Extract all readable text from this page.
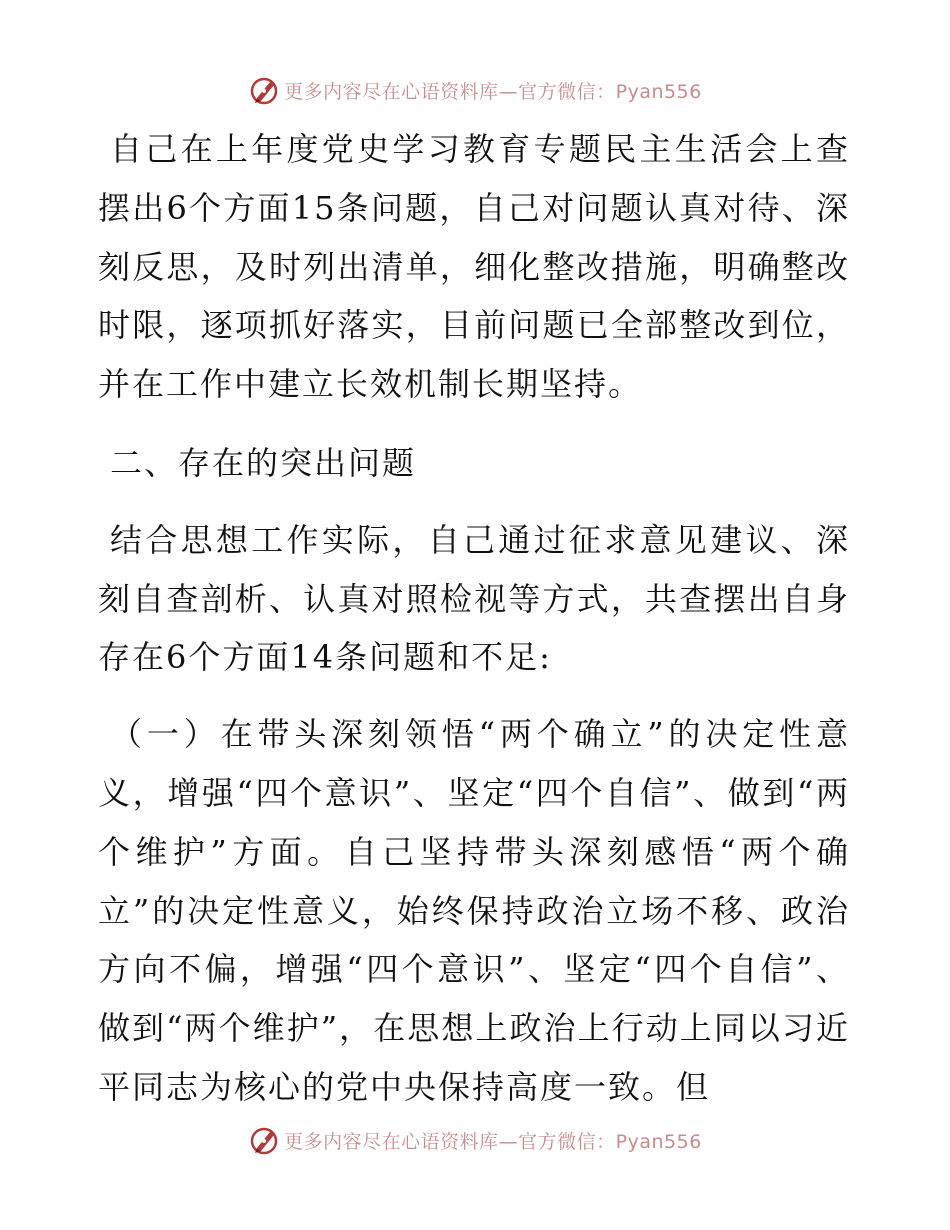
更多内容尽在心语资料库—官方微信：Pyan556

自己在上年度党史学习教育专题民主生活会上查摆出6个方面15条问题，自己对问题认真对待、深刻反思，及时列出清单，细化整改措施，明确整改时限，逐项抓好落实，目前问题已全部整改到位，并在工作中建立长效机制长期坚持。

二、存在的突出问题

结合思想工作实际，自己通过征求意见建议、深刻自查剖析、认真对照检视等方式，共查摆出自身存在6个方面14条问题和不足:

（一）在带头深刻领悟“两个确立”的决定性意义，增强“四个意识”、坚定“四个自信”、做到“两个维护”方面。自己坚持带头深刻感悟“两个确立”的决定性意义，始终保持政治立场不移、政治方向不偏，增强“四个意识”、坚定“四个自信”、做到“两个维护”，在思想上政治上行动上同以习近平同志为核心的党中央保持高度一致。但

更多内容尽在心语资料库—官方微信：Pyan556
